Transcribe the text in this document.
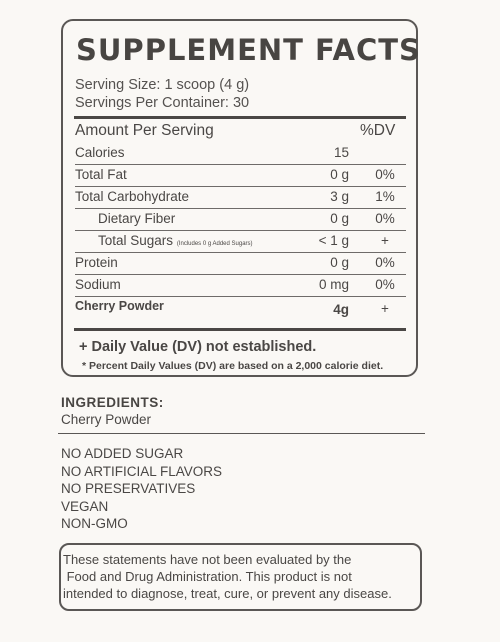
SUPPLEMENT FACTS
Serving Size: 1 scoop (4 g)
Servings Per Container: 30
Amount Per Serving	%DV
Calories	15
Total Fat	0 g	0%
Total Carbohydrate	3 g	1%
Dietary Fiber	0 g	0%
Total Sugars (Includes 0 g Added Sugars)	< 1 g	+
Protein	0 g	0%
Sodium	0 mg	0%
Cherry Powder	4g	+
+ Daily Value (DV) not established.
* Percent Daily Values (DV) are based on a 2,000 calorie diet.
INGREDIENTS:
Cherry Powder
NO ADDED SUGAR
NO ARTIFICIAL FLAVORS
NO PRESERVATIVES
VEGAN
NON-GMO
These statements have not been evaluated by the
Food and Drug Administration. This product is not
intended to diagnose, treat, cure, or prevent any disease.
